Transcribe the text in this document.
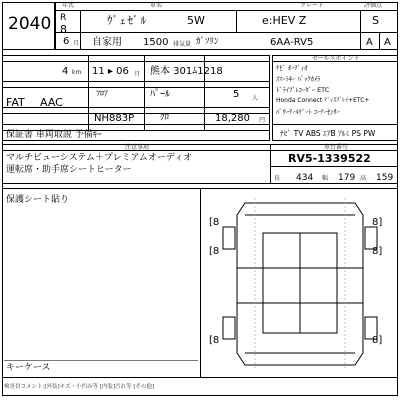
2040
年式	車名	グレード	評価点
R
8
6 月
ｳﾞｪｾﾞﾙ	5W	e:HEV Z	S
自家用 1500 排気量 ｶﾞｿﾘﾝ	6AA-RV5	A A
4 km 11 ▸ 06 月 熊本 301ﾑ1218
FAT AAC
ﾌﾛｱ	ﾊﾟｰﾙ	5 人
NH883P	ｸﾛ	18,280 円
保証書 車両取説 予備ｷｰ
セールスポイント
ﾅﾋﾞ ｵｰﾃﾞｨｵ
ｽﾏｰﾄｷｰ ﾊﾞｯｸｶﾒﾗ
ﾄﾞﾗｲﾌﾞﾚｺｰﾀﾞｰ ETC
Honda Connect ﾃﾞｨｽﾌﾟﾚｲ+ETC+
ﾊﾟﾜｰﾃｰﾙｹﾞｰﾄ ｺｰﾅｰｾﾝｻｰ
ﾅﾋﾞ TV ABS ｴｱB ｱﾙﾐ PS PW
注意事項
マルチビューシステム＋プレミアムオーディオ
運転席・助手席シートヒーター
車台番号
RV5-1339522
長 434 幅 179 高 159
保護シート貼り
キーケース
[8	8]
[8	8]
[8	8]
検査員コメント:[外装]キズ・小凹み等 [内装]汚れ等 [その他]
